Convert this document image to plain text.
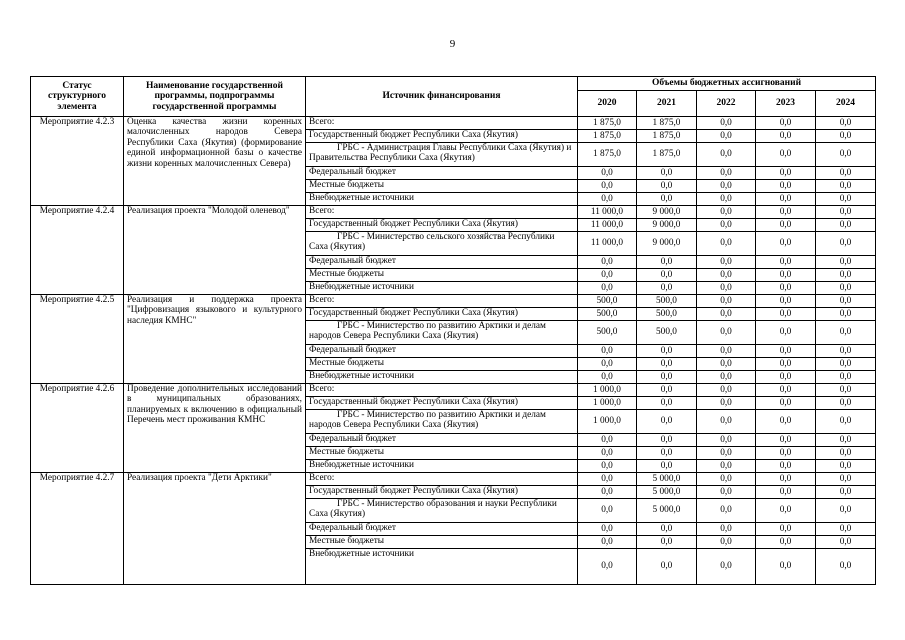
9
Статус структурного элемента	Наименование государственной программы, подпрограммы государственной программы	Источник финансирования	Объемы бюджетных ассигнований				
			2020	2021	2022	2023	2024
Мероприятие 4.2.3	Оценка качества жизни коренных малочисленных народов Севера Республики Саха (Якутия) (формирование единой информационной базы о качестве жизни коренных малочисленных Севера)	Всего:	1 875,0	1 875,0	0,0	0,0	0,0
		Государственный бюджет Республики Саха (Якутия)	1 875,0	1 875,0	0,0	0,0	0,0
		ГРБС - Администрация Главы Республики Саха (Якутия) и Правительства Республики Саха (Якутия)	1 875,0	1 875,0	0,0	0,0	0,0
		Федеральный бюджет	0,0	0,0	0,0	0,0	0,0
		Местные бюджеты	0,0	0,0	0,0	0,0	0,0
		Внебюджетные источники	0,0	0,0	0,0	0,0	0,0
Мероприятие 4.2.4	Реализация проекта "Молодой оленевод"	Всего:	11 000,0	9 000,0	0,0	0,0	0,0
		Государственный бюджет Республики Саха (Якутия)	11 000,0	9 000,0	0,0	0,0	0,0
		ГРБС - Министерство сельского хозяйства Республики Саха (Якутия)	11 000,0	9 000,0	0,0	0,0	0,0
		Федеральный бюджет	0,0	0,0	0,0	0,0	0,0
		Местные бюджеты	0,0	0,0	0,0	0,0	0,0
		Внебюджетные источники	0,0	0,0	0,0	0,0	0,0
Мероприятие 4.2.5	Реализация и поддержка проекта "Цифровизация языкового и культурного наследия КМНС"	Всего:	500,0	500,0	0,0	0,0	0,0
		Государственный бюджет Республики Саха (Якутия)	500,0	500,0	0,0	0,0	0,0
		ГРБС - Министерство по развитию Арктики и делам народов Севера Республики Саха (Якутия)	500,0	500,0	0,0	0,0	0,0
		Федеральный бюджет	0,0	0,0	0,0	0,0	0,0
		Местные бюджеты	0,0	0,0	0,0	0,0	0,0
		Внебюджетные источники	0,0	0,0	0,0	0,0	0,0
Мероприятие 4.2.6	Проведение дополнительных исследований в муниципальных образованиях, планируемых к включению в официальный Перечень мест проживания КМНС	Всего:	1 000,0	0,0	0,0	0,0	0,0
		Государственный бюджет Республики Саха (Якутия)	1 000,0	0,0	0,0	0,0	0,0
		ГРБС - Министерство по развитию Арктики и делам народов Севера Республики Саха (Якутия)	1 000,0	0,0	0,0	0,0	0,0
		Федеральный бюджет	0,0	0,0	0,0	0,0	0,0
		Местные бюджеты	0,0	0,0	0,0	0,0	0,0
		Внебюджетные источники	0,0	0,0	0,0	0,0	0,0
Мероприятие 4.2.7	Реализация проекта "Дети Арктики"	Всего:	0,0	5 000,0	0,0	0,0	0,0
		Государственный бюджет Республики Саха (Якутия)	0,0	5 000,0	0,0	0,0	0,0
		ГРБС - Министерство образования и науки Республики Саха (Якутия)	0,0	5 000,0	0,0	0,0	0,0
		Федеральный бюджет	0,0	0,0	0,0	0,0	0,0
		Местные бюджеты	0,0	0,0	0,0	0,0	0,0
		Внебюджетные источники	0,0	0,0	0,0	0,0	0,0
